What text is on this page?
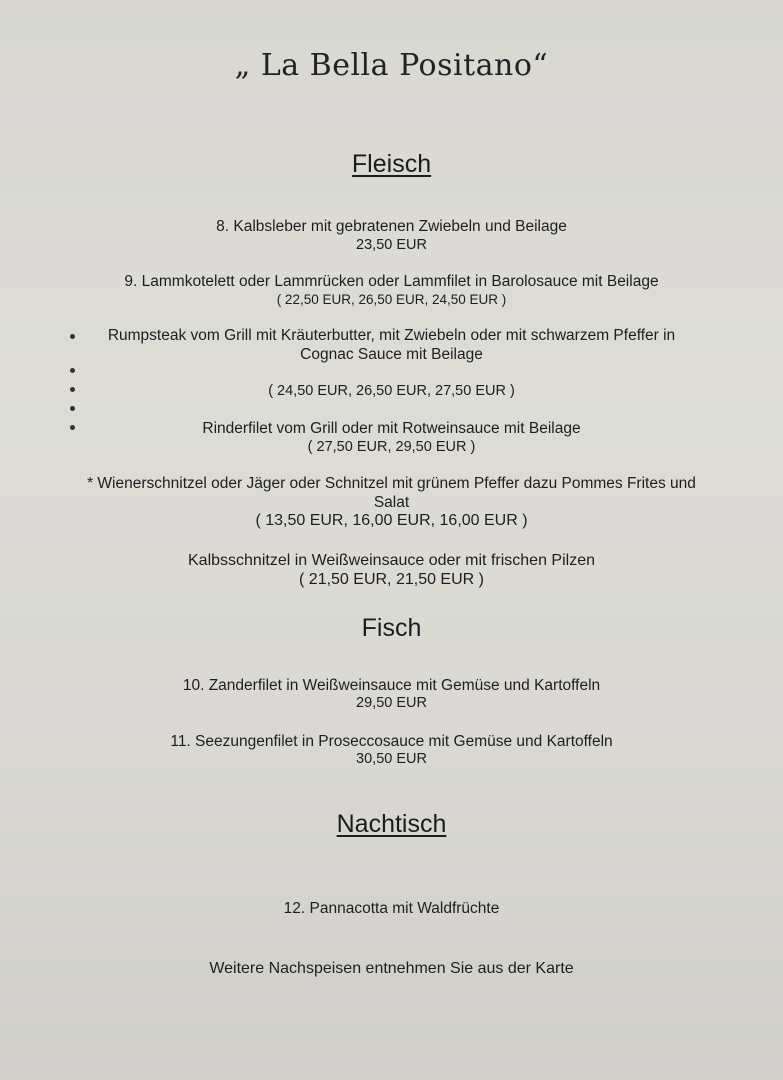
„ La Bella Positano“
Fleisch
8. Kalbsleber mit gebratenen Zwiebeln und Beilage
23,50 EUR
9. Lammkotelett oder Lammrücken oder Lammfilet in Barolosauce mit Beilage
( 22,50 EUR, 26,50 EUR, 24,50 EUR )
Rumpsteak vom Grill mit Kräuterbutter, mit Zwiebeln oder mit schwarzem Pfeffer in
Cognac Sauce mit Beilage
( 24,50 EUR, 26,50 EUR, 27,50 EUR )
Rinderfilet vom Grill oder mit Rotweinsauce mit Beilage
( 27,50 EUR, 29,50 EUR )
* Wienerschnitzel oder Jäger oder Schnitzel mit grünem Pfeffer dazu Pommes Frites und
Salat
( 13,50 EUR, 16,00 EUR, 16,00 EUR )
Kalbsschnitzel in Weißweinsauce oder mit frischen Pilzen
( 21,50 EUR, 21,50 EUR )
Fisch
10. Zanderfilet in Weißweinsauce mit Gemüse und Kartoffeln
29,50 EUR
11. Seezungenfilet in Proseccosauce mit Gemüse und Kartoffeln
30,50 EUR
Nachtisch
12. Pannacotta mit Waldfrüchte
Weitere Nachspeisen entnehmen Sie aus der Karte
